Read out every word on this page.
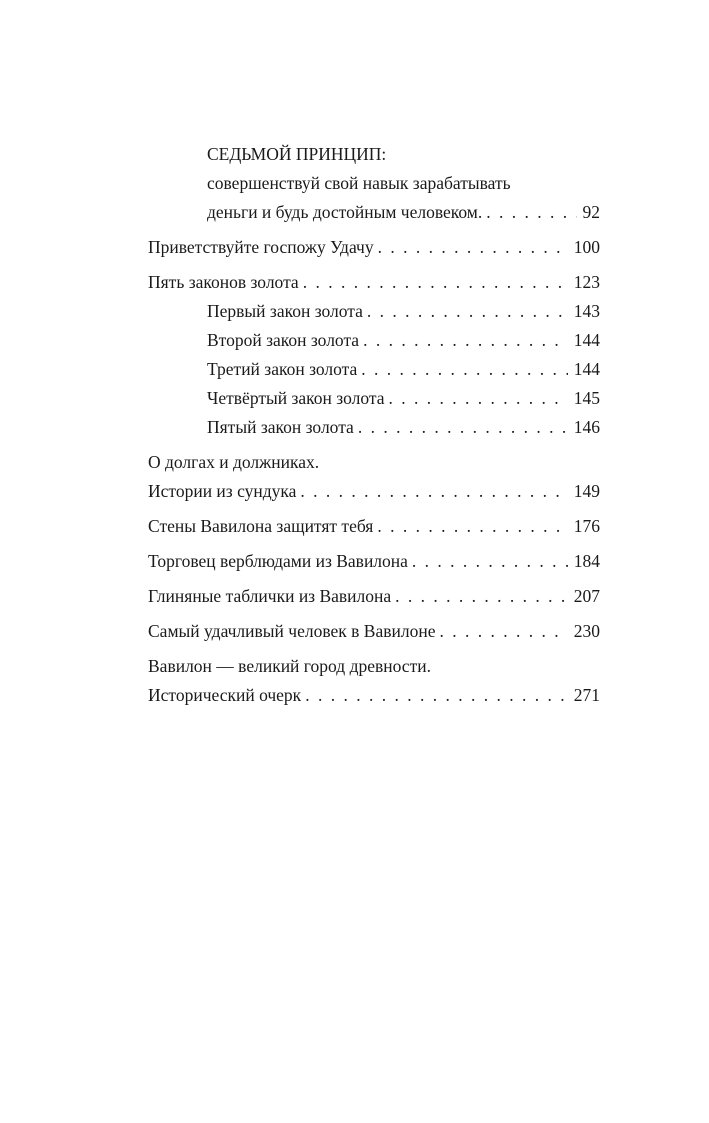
СЕДЬМОЙ ПРИНЦИП:
совершенствуй свой навык зарабатывать
деньги и будь достойным человеком. . . .	92
Приветствуйте госпожу Удачу . . .	100
Пять законов золота . . .	123
Первый закон золота . . .	143
Второй закон золота . . .	144
Третий закон золота . . .	144
Четвёртый закон золота . . .	145
Пятый закон золота . . .	146
О долгах и должниках.
Истории из сундука . . .	149
Стены Вавилона защитят тебя . . .	176
Торговец верблюдами из Вавилона . . .	184
Глиняные таблички из Вавилона . . .	207
Самый удачливый человек в Вавилоне . . .	230
Вавилон — великий город древности.
Исторический очерк . . .	271
